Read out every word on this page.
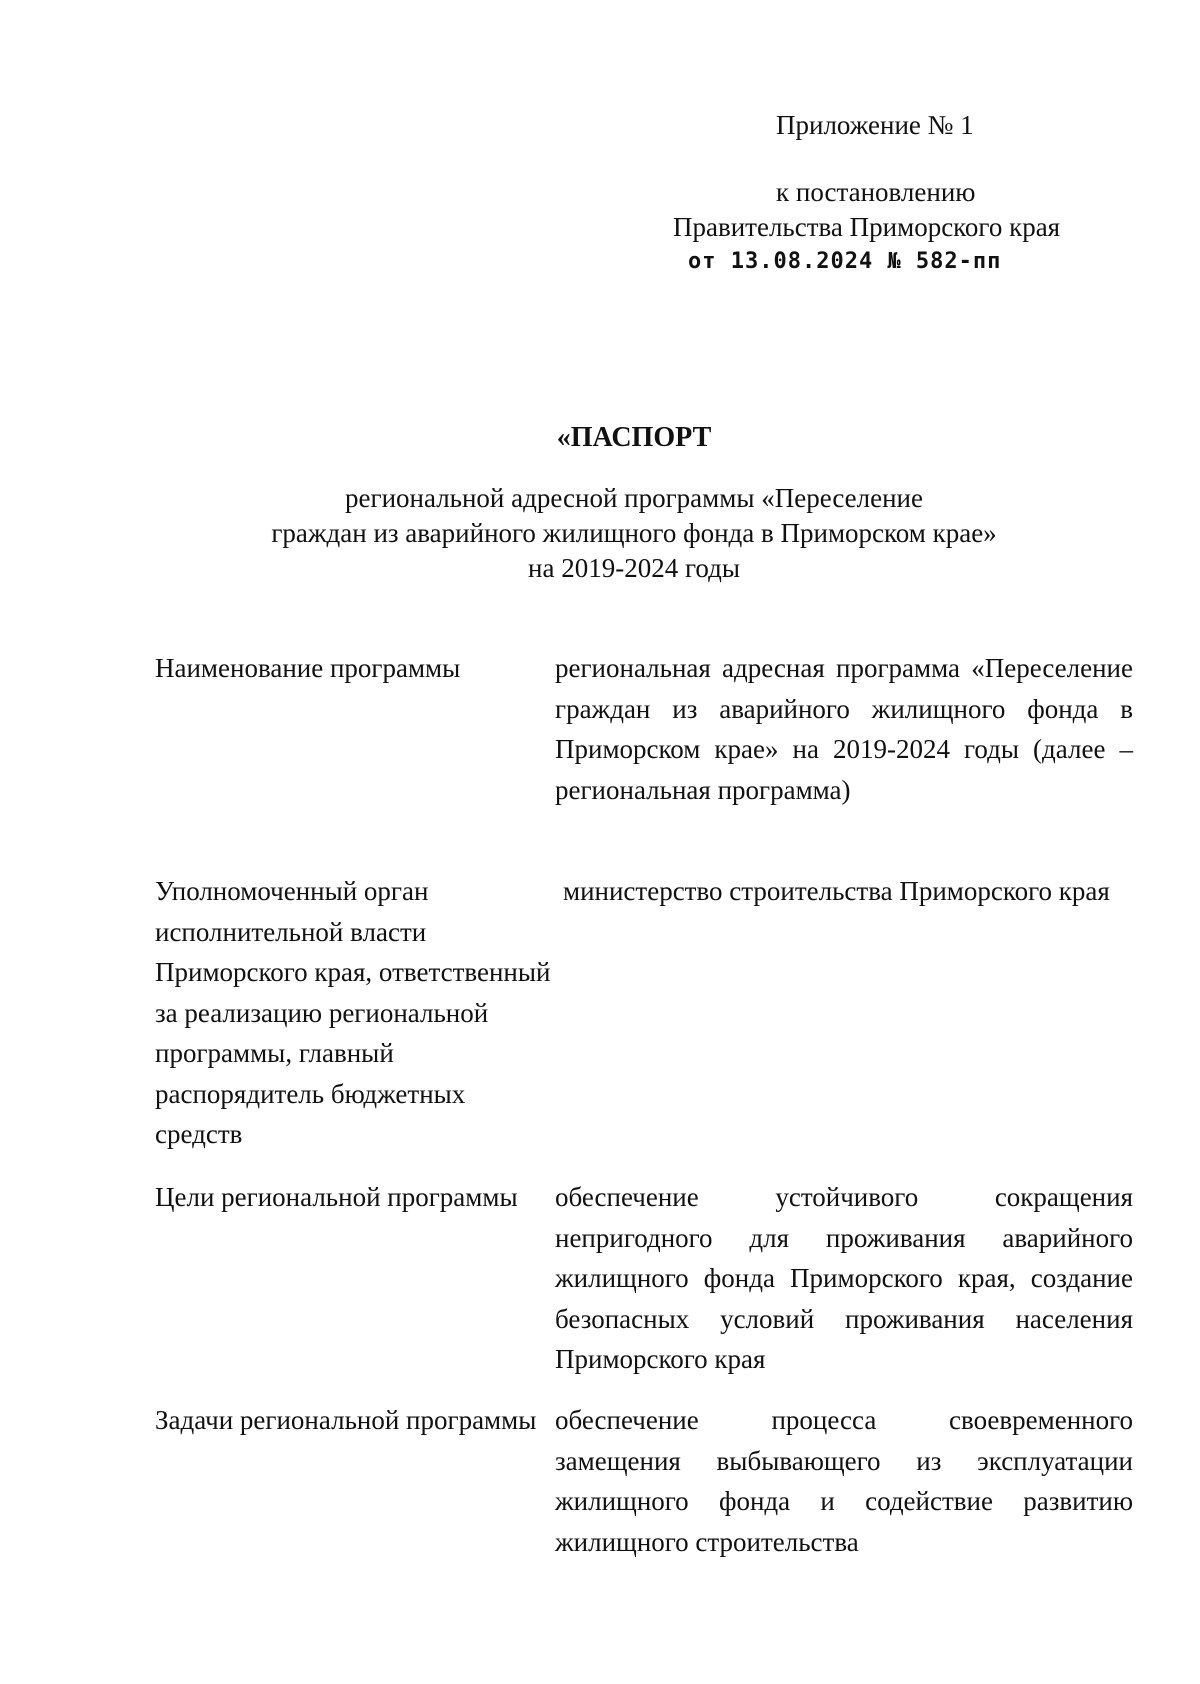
Приложение № 1
к постановлению
Правительства Приморского края
от 13.08.2024 № 582-пп
«ПАСПОРТ
региональной адресной программы «Переселение
граждан из аварийного жилищного фонда в Приморском крае»
на 2019-2024 годы

Наименование программы	региональная адресная программа «Переселение граждан из аварийного жилищного фонда в Приморском крае» на 2019-2024 годы (далее – региональная программа)

Уполномоченный орган исполнительной власти Приморского края, ответственный за реализацию региональной программы, главный распорядитель бюджетных средств

министерство строительства Приморского края

Цели региональной программы	обеспечение устойчивого сокращения непригодного для проживания аварийного жилищного фонда Приморского края, создание безопасных условий проживания населения Приморского края

Задачи региональной программы обеспечение процесса своевременного замещения выбывающего из эксплуатации жилищного фонда и содействие развитию жилищного строительства
